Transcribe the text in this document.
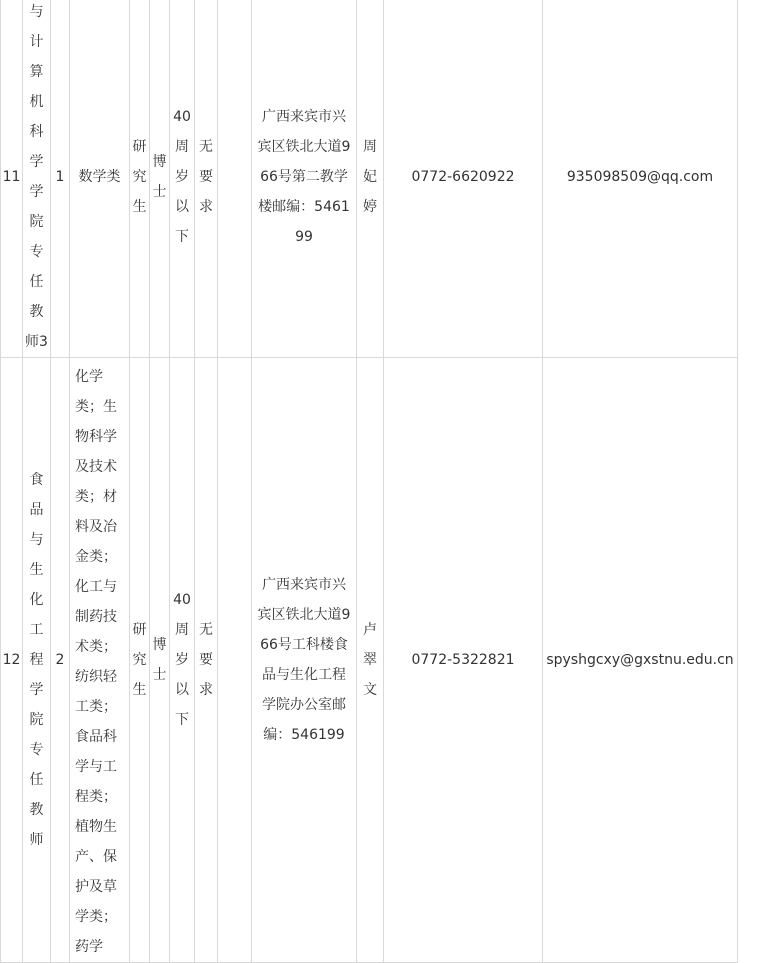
11	与计算机科学学院专任教师3	1	数学类	研究生	博士	40周岁以下	无要求		广西来宾市兴宾区铁北大道966号第二教学楼邮编：546199	周妃婷	0772-6620922	935098509@qq.com
12	食品与生化工程学院专任教师	2	化学类；生物科学及技术类；材料及冶金类；化工与制药技术类；纺织轻工类；食品科学与工程类；植物生产、保护及草学类；药学	研究生	博士	40周岁以下	无要求		广西来宾市兴宾区铁北大道966号工科楼食品与生化工程学院办公室邮编：546199	卢翠文	0772-5322821	spyshgcxy@gxstnu.edu.cn
